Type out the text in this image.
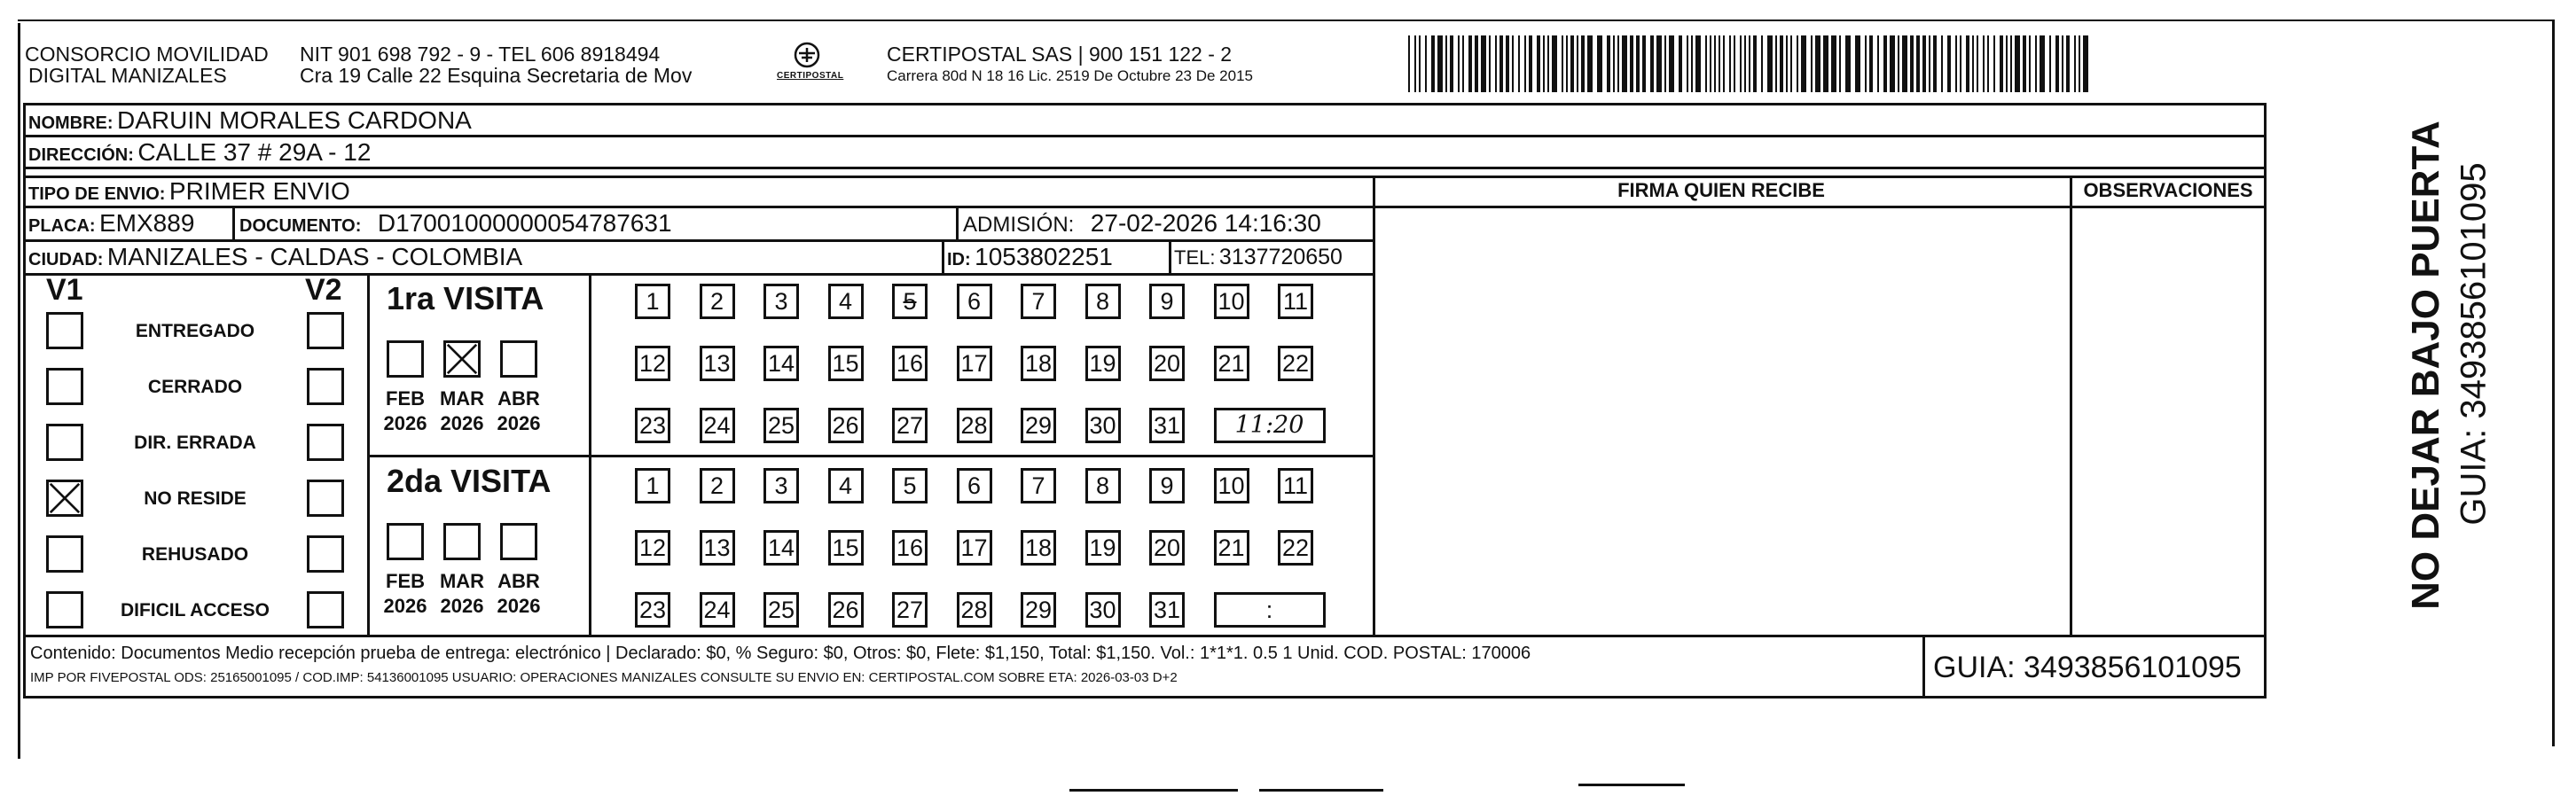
CONSORCIO MOVILIDAD
DIGITAL MANIZALES
NIT 901 698 792 - 9 - TEL 606 8918494
Cra 19 Calle 22 Esquina Secretaria de Mov	CERTIPOSTAL
CERTIPOSTAL SAS | 900 151 122 - 2
Carrera 80d N 18 16 Lic. 2519 De Octubre 23 De 2015
NOMBRE: DARUIN MORALES CARDONA
DIRECCIÓN: CALLE 37 # 29A - 12
TIPO DE ENVIO: PRIMER ENVIO
PLACA: EMX889	DOCUMENTO: D17001000000054787631	ADMISIÓN: 27-02-2026 14:16:30
CIUDAD: MANIZALES - CALDAS - COLOMBIA	ID: 1053802251	TEL: 3137720650
FIRMA QUIEN RECIBE	OBSERVACIONES
V1	V2
ENTREGADO
CERRADO
DIR. ERRADA
NO RESIDE
REHUSADO
DIFICIL ACCESO
1ra VISITA
2da VISITA
FEB
2026
MAR
2026
ABR
2026
FEB
2026
MAR
2026
ABR
2026
1	2	3	4	5	6	7	8	9	10 11
12 13 14 15 16 17 18 19 20 21 22
23 24 25 26 27 28 29 30 31	11:20
1	2	3	4	5	6	7	8	9	10 11
12 13 14 15 16 17 18 19 20 21 22
23 24 25 26 27 28 29 30 31	:
Contenido: Documentos Medio recepción prueba de entrega: electrónico | Declarado: $0, % Seguro: $0, Otros: $0, Flete: $1,150, Total: $1,150. Vol.: 1*1*1. 0.5 1 Unid. COD. POSTAL: 170006
IMP POR FIVEPOSTAL ODS: 25165001095 / COD.IMP: 54136001095 USUARIO: OPERACIONES MANIZALES CONSULTE SU ENVIO EN: CERTIPOSTAL.COM SOBRE ETA: 2026-03-03 D+2	GUIA: 3493856101095
NO DEJAR BAJO PUERTA GUIA: 3493856101095
